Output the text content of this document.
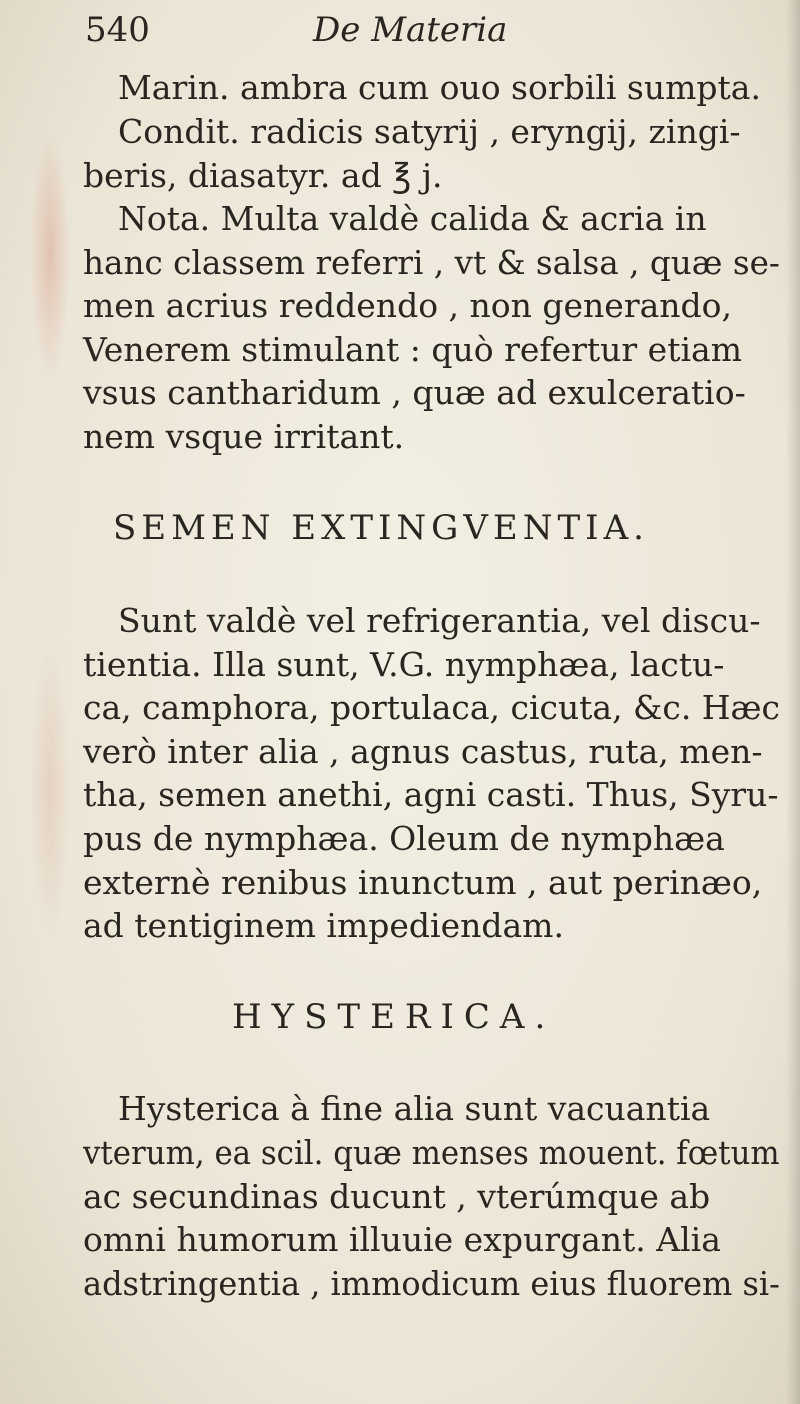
540	De Materia
Marin. ambra cum ouo sorbili sumpta.
Condit. radicis satyrij , eryngij, zingi-
beris, diasatyr. ad ℥ j.
Nota. Multa valdè calida & acria in
hanc classem referri , vt & salsa , quæ se-
men acrius reddendo , non generando,
Venerem stimulant : quò refertur etiam
vsus cantharidum , quæ ad exulceratio-
nem vsque irritant.
SEMEN EXTINGVENTIA.
Sunt valdè vel refrigerantia, vel discu-
tientia. Illa sunt, V.G. nymphæa, lactu-
ca, camphora, portulaca, cicuta, &c. Hæc
verò inter alia , agnus castus, ruta, men-
tha, semen anethi, agni casti. Thus, Syru-
pus de nymphæa. Oleum de nymphæa
externè renibus inunctum , aut perinæo,
ad tentiginem impediendam.
HYSTERICA.
Hysterica à fine alia sunt vacuantia
vterum, ea scil. quæ menses mouent. fœtum
ac secundinas ducunt , vterúmque ab
omni humorum illuuie expurgant. Alia
adstringentia , immodicum eius fluorem si-
